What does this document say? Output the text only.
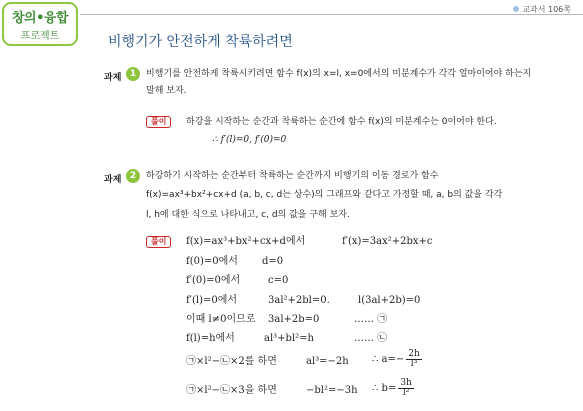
창의•융합
프로젝트
교과서 106쪽
비행기가 안전하게 착륙하려면
과제 1	비행기를 안전하게 착륙시키려면 함수 f(x)의 x=l, x=0에서의 미분계수가 각각 얼마이어야 하는지
말해 보자.
풀이	하강을 시작하는 순간과 착륙하는 순간에 함수 f(x)의 미분계수는 0이어야 한다.
∴ f′(l)=0, f′(0)=0
과제 2	하강하기 시작하는 순간부터 착륙하는 순간까지 비행기의 이동 경로가 함수
f(x)=ax³+bx²+cx+d (a, b, c, d는 상수)의 그래프와 같다고 가정할 때, a, b의 값을 각각
l, h에 대한 식으로 나타내고, c, d의 값을 구해 보자.
풀이	f(x)=ax³+bx²+cx+d에서	f′(x)=3ax²+2bx+c
f(0)=0에서 d=0
f′(0)=0에서	c=0
f′(l)=0에서	3al²+2bl=0.	l(3al+2b)=0
이때 l≠0이므로 3al+2b=0	…… ㉠
f(l)=h에서	al³+bl²=h	…… ㉡
㉠×l²−㉡×2를 하면	al³=−2h ∴ $a=- \frac{2h}{\text{l³}}$
㉠×l²−㉡×3을 하면	−bl²=−3h ∴ $b= \frac{3h}{\text{l²}}$
